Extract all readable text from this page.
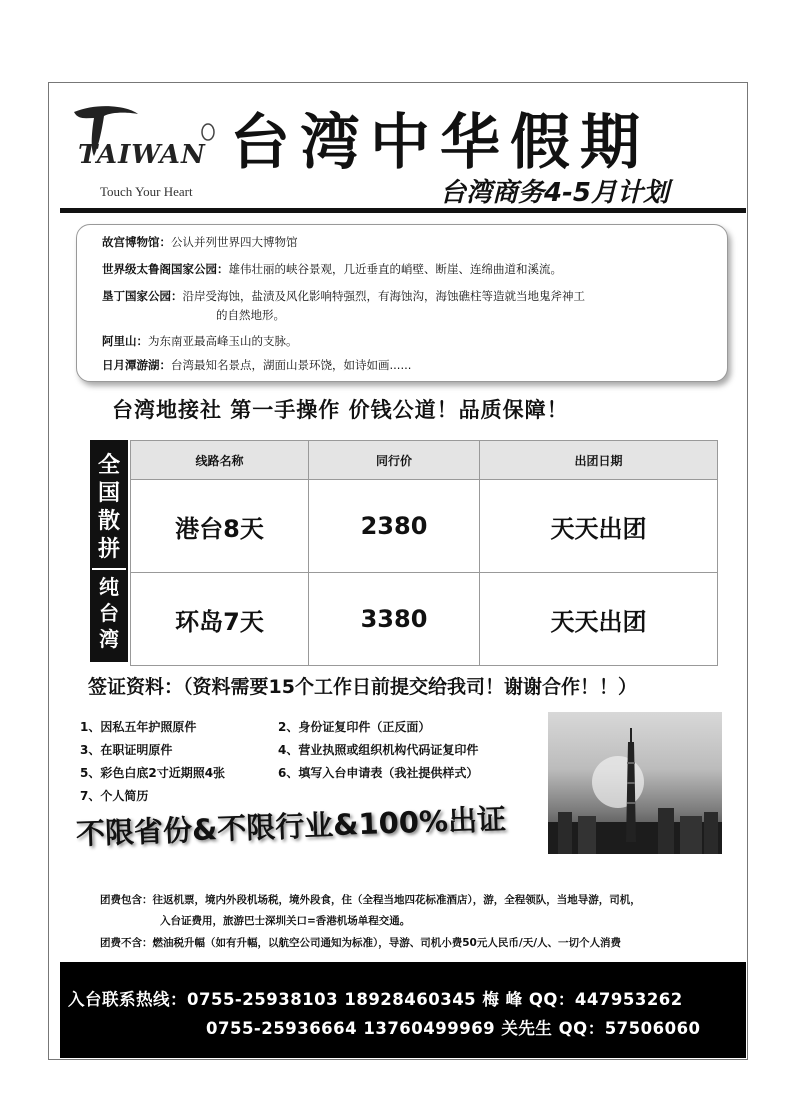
TAIWAN
Touch Your Heart
台湾中华假期
台湾商务4-5月计划
故宫博物馆：公认并列世界四大博物馆
世界级太鲁阁国家公园：雄伟壮丽的峡谷景观，几近垂直的峭壁、断崖、连绵曲道和溪流。
垦丁国家公园：沿岸受海蚀，盐渍及风化影响特强烈，有海蚀沟，海蚀礁柱等造就当地鬼斧神工
的自然地形。
阿里山：为东南亚最高峰玉山的支脉。
日月潭游湖：台湾最知名景点，湖面山景环饶，如诗如画......
台湾地接社 第一手操作 价钱公道！品质保障！
全国散拼
纯台湾
线路名称	同行价	出团日期
港台8天	2380	天天出团
环岛7天	3380	天天出团
签证资料：（资料需要15个工作日前提交给我司！谢谢合作！！）
1、因私五年护照原件	2、身份证复印件（正反面）
3、在职证明原件	4、营业执照或组织机构代码证复印件
5、彩色白底2寸近期照4张	6、填写入台申请表（我社提供样式）
7、个人简历
不限省份&不限行业&100%出证
团费包含：往返机票，境内外段机场税，境外段食，住（全程当地四花标准酒店），游，全程领队，当地导游，司机，
入台证费用，旅游巴士深圳关口=香港机场单程交通。
团费不含：燃油税升幅（如有升幅，以航空公司通知为标准），导游、司机小费50元人民币/天/人、一切个人消费
入台联系热线：0755-25938103 18928460345 梅 峰 QQ：447953262
0755-25936664 13760499969 关先生 QQ：57506060
